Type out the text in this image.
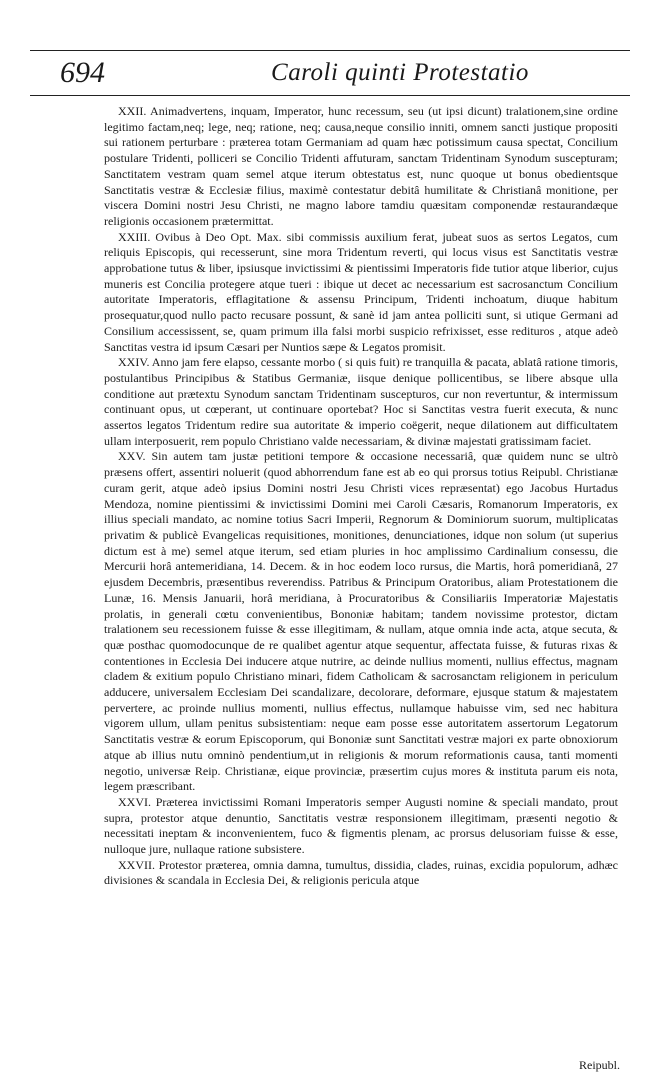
694	Caroli quinti Protestatio

XXII. Animadvertens, inquam, Imperator, hunc recessum, seu (ut ipsi dicunt) tralationem,sine ordine legitimo factam,neq; lege, neq; ratione, neq; causa,neque consilio inniti, omnem sancti justique propositi sui rationem perturbare : præterea totam Germaniam ad quam hæc potissimum causa spectat, Concilium postulare Tridenti, polliceri se Concilio Tridenti affuturam, sanctam Tridentinam Synodum suscepturam; Sanctitatem vestram quam semel atque iterum obtestatus est, nunc quoque ut bonus obedientsque Sanctitatis vestræ & Ecclesiæ filius, maximè contestatur debitâ humilitate & Christianâ monitione, per viscera Domini nostri Jesu Christi, ne magno labore tamdiu quæsitam componendæ restaurandæque religionis occasionem prætermittat.

XXIII. Ovibus à Deo Opt. Max. sibi commissis auxilium ferat, jubeat suos as sertos Legatos, cum reliquis Episcopis, qui recesserunt, sine mora Tridentum reverti, qui locus visus est Sanctitatis vestræ approbatione tutus & liber, ipsiusque invictissimi & pientissimi Imperatoris fide tutior atque liberior, cujus muneris est Concilia protegere atque tueri : ibique ut decet ac necessarium est sacrosanctum Concilium autoritate Imperatoris, efflagitatione & assensu Principum, Tridenti inchoatum, diuque habitum prosequatur,quod nullo pacto recusare possunt, & sanè id jam antea polliciti sunt, si utique Germani ad Consilium accessissent, se, quam primum illa falsi morbi suspicio refrixisset, esse redituros , atque adeò Sanctitas vestra id ipsum Cæsari per Nuntios sæpe & Legatos promisit.

XXIV. Anno jam fere elapso, cessante morbo ( si quis fuit) re tranquilla & pacata, ablatâ ratione timoris, postulantibus Principibus & Statibus Germaniæ, iisque denique pollicentibus, se libere absque ulla conditione aut prætextu Synodum sanctam Tridentinam suscepturos, cur non revertuntur, & intermissum continuant opus, ut cœperant, ut continuare oportebat? Hoc si Sanctitas vestra fuerit executa, & nunc assertos legatos Tridentum redire sua autoritate & imperio coëgerit, neque dilationem aut difficultatem ullam interposuerit, rem populo Christiano valde necessariam, & divinæ majestati gratissimam faciet.

XXV. Sin autem tam justæ petitioni tempore & occasione necessariâ, quæ quidem nunc se ultrò præsens offert, assentiri noluerit (quod abhorrendum fane est ab eo qui prorsus totius Reipubl. Christianæ curam gerit, atque adeò ipsius Domini nostri Jesu Christi vices repræsentat) ego Jacobus Hurtadus Mendoza, nomine pientissimi & invictissimi Domini mei Caroli Cæsaris, Romanorum Imperatoris, ex illius speciali mandato, ac nomine totius Sacri Imperii, Regnorum & Dominiorum suorum, multiplicatas privatim & publicè Evangelicas requisitiones, monitiones, denunciationes, idque non solum (ut superius dictum est à me) semel atque iterum, sed etiam pluries in hoc amplissimo Cardinalium consessu, die Mercurii horâ antemeridiana, 14. Decem. & in hoc eodem loco rursus, die Martis, horâ pomeridianâ, 27 ejusdem Decembris, præsentibus reverendiss. Patribus & Principum Oratoribus, aliam Protestationem die Lunæ, 16. Mensis Januarii, horâ meridiana, à Procuratoribus & Consiliariis Imperatoriæ Majestatis prolatis, in generali cœtu convenientibus, Bononiæ habitam; tandem novissime protestor, dictam tralationem seu recessionem fuisse & esse illegitimam, & nullam, atque omnia inde acta, atque secuta, & quæ posthac quomodocunque de re qualibet agentur atque sequentur, affectata fuisse, & futuras rixas & contentiones in Ecclesia Dei inducere atque nutrire, ac deinde nullius momenti, nullius effectus, magnam cladem & exitium populo Christiano minari, fidem Catholicam & sacrosanctam religionem in periculum adducere, universalem Ecclesiam Dei scandalizare, decolorare, deformare, ejusque statum & majestatem pervertere, ac proinde nullius momenti, nullius effectus, nullamque habuisse vim, sed nec habitura vigorem ullum, ullam penitus subsistentiam: neque eam posse esse autoritatem assertorum Legatorum Sanctitatis vestræ & eorum Episcoporum, qui Bononiæ sunt Sanctitati vestræ majori ex parte obnoxiorum atque ab illius nutu omninò pendentium,ut in religionis & morum reformationis causa, tanti momenti negotio, universæ Reip. Christianæ, eique provinciæ, præsertim cujus mores & instituta parum eis nota, legem præscribant.

XXVI. Præterea invictissimi Romani Imperatoris semper Augusti nomine & speciali mandato, prout supra, protestor atque denuntio, Sanctitatis vestræ responsionem illegitimam, præsenti negotio & necessitati ineptam & inconvenientem, fuco & figmentis plenam, ac prorsus delusoriam fuisse & esse, nulloque jure, nullaque ratione subsistere.

XXVII. Protestor præterea, omnia damna, tumultus, dissidia, clades, ruinas, excidia populorum, adhæc divisiones & scandala in Ecclesia Dei, & religionis pericula atque

Reipubl.
